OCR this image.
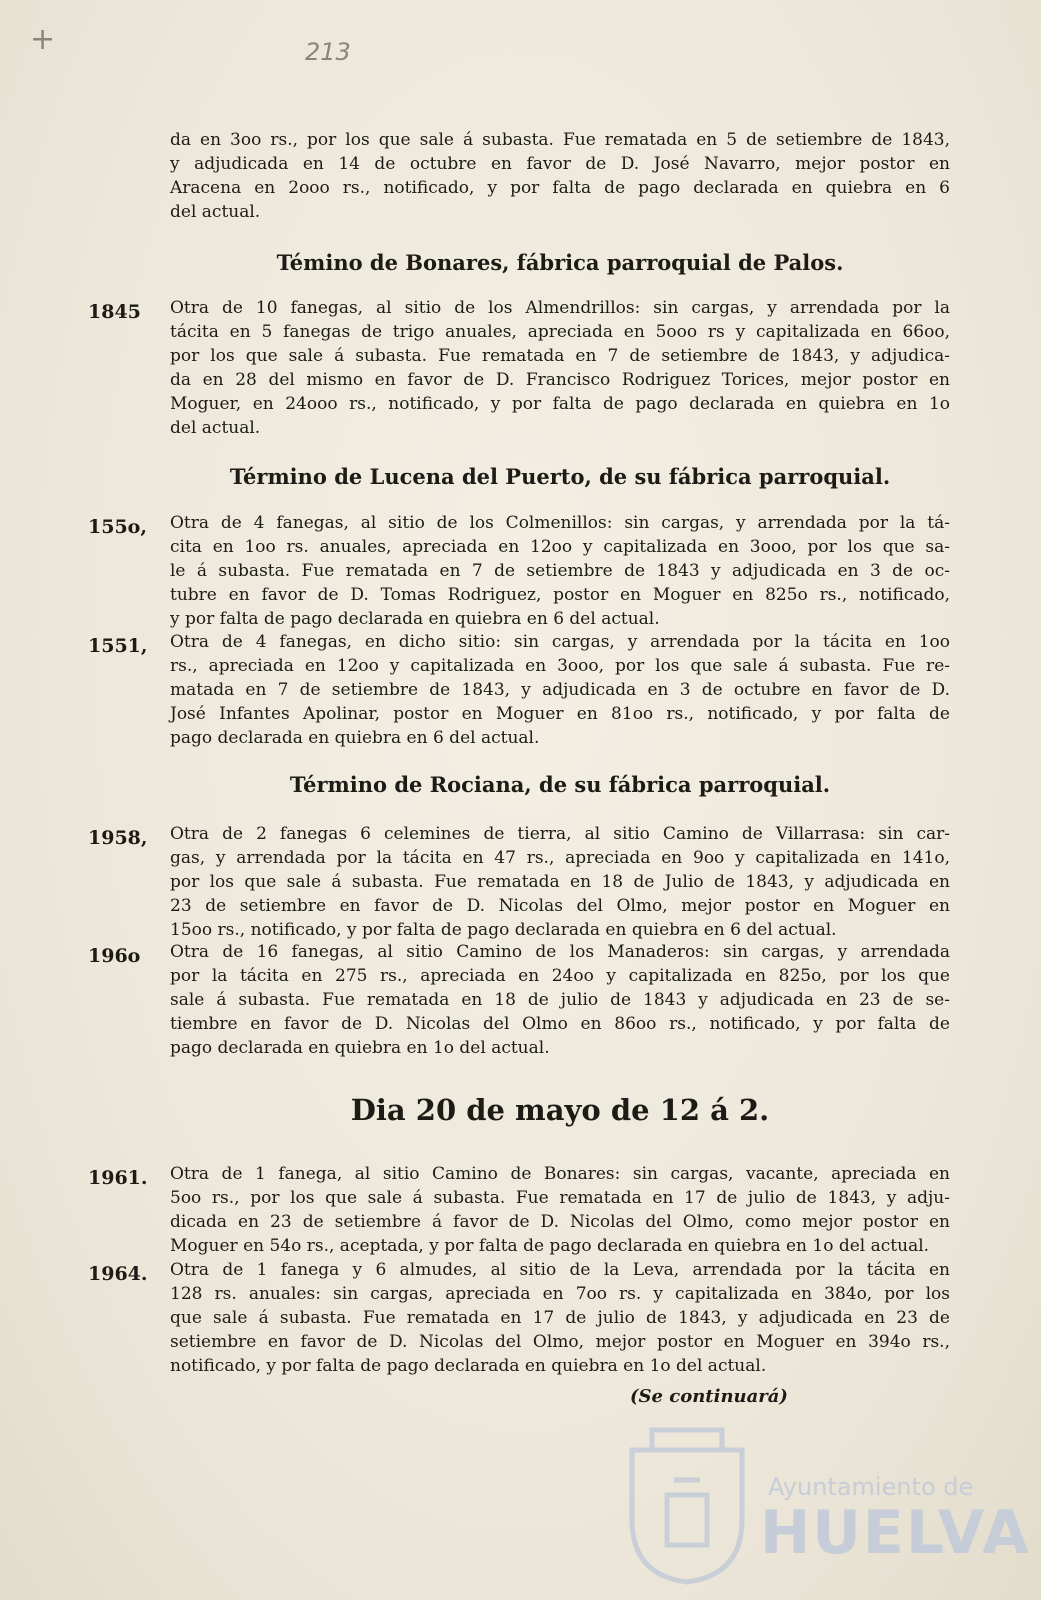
+	213
da en 3oo rs., por los que sale á subasta. Fue rematada en 5 de setiembre de 1843,
y adjudicada en 14 de octubre en favor de D. José Navarro, mejor postor en
Aracena en 2ooo rs., notificado, y por falta de pago declarada en quiebra en 6
del actual.
Témino de Bonares, fábrica parroquial de Palos.
1845 Otra de 10 fanegas, al sitio de los Almendrillos: sin cargas, y arrendada por la
tácita en 5 fanegas de trigo anuales, apreciada en 5ooo rs y capitalizada en 66oo,
por los que sale á subasta. Fue rematada en 7 de setiembre de 1843, y adjudica-
da en 28 del mismo en favor de D. Francisco Rodriguez Torices, mejor postor en
Moguer, en 24ooo rs., notificado, y por falta de pago declarada en quiebra en 1o
del actual.
Término de Lucena del Puerto, de su fábrica parroquial.
155o, Otra de 4 fanegas, al sitio de los Colmenillos: sin cargas, y arrendada por la tá-
cita en 1oo rs. anuales, apreciada en 12oo y capitalizada en 3ooo, por los que sa-
le á subasta. Fue rematada en 7 de setiembre de 1843 y adjudicada en 3 de oc-
tubre en favor de D. Tomas Rodriguez, postor en Moguer en 825o rs., notificado,
y por falta de pago declarada en quiebra en 6 del actual.
1551, Otra de 4 fanegas, en dicho sitio: sin cargas, y arrendada por la tácita en 1oo
rs., apreciada en 12oo y capitalizada en 3ooo, por los que sale á subasta. Fue re-
matada en 7 de setiembre de 1843, y adjudicada en 3 de octubre en favor de D.
José Infantes Apolinar, postor en Moguer en 81oo rs., notificado, y por falta de
pago declarada en quiebra en 6 del actual.
Término de Rociana, de su fábrica parroquial.
1958, Otra de 2 fanegas 6 celemines de tierra, al sitio Camino de Villarrasa: sin car-
gas, y arrendada por la tácita en 47 rs., apreciada en 9oo y capitalizada en 141o,
por los que sale á subasta. Fue rematada en 18 de Julio de 1843, y adjudicada en
23 de setiembre en favor de D. Nicolas del Olmo, mejor postor en Moguer en
15oo rs., notificado, y por falta de pago declarada en quiebra en 6 del actual.
196o Otra de 16 fanegas, al sitio Camino de los Manaderos: sin cargas, y arrendada
por la tácita en 275 rs., apreciada en 24oo y capitalizada en 825o, por los que
sale á subasta. Fue rematada en 18 de julio de 1843 y adjudicada en 23 de se-
tiembre en favor de D. Nicolas del Olmo en 86oo rs., notificado, y por falta de
pago declarada en quiebra en 1o del actual.
Dia 20 de mayo de 12 á 2.
1961. Otra de 1 fanega, al sitio Camino de Bonares: sin cargas, vacante, apreciada en
5oo rs., por los que sale á subasta. Fue rematada en 17 de julio de 1843, y adju-
dicada en 23 de setiembre á favor de D. Nicolas del Olmo, como mejor postor en
Moguer en 54o rs., aceptada, y por falta de pago declarada en quiebra en 1o del actual.
1964. Otra de 1 fanega y 6 almudes, al sitio de la Leva, arrendada por la tácita en
128 rs. anuales: sin cargas, apreciada en 7oo rs. y capitalizada en 384o, por los
que sale á subasta. Fue rematada en 17 de julio de 1843, y adjudicada en 23 de
setiembre en favor de D. Nicolas del Olmo, mejor postor en Moguer en 394o rs.,
notificado, y por falta de pago declarada en quiebra en 1o del actual.
(Se continuará)
Ayuntamiento de
HUELVA
